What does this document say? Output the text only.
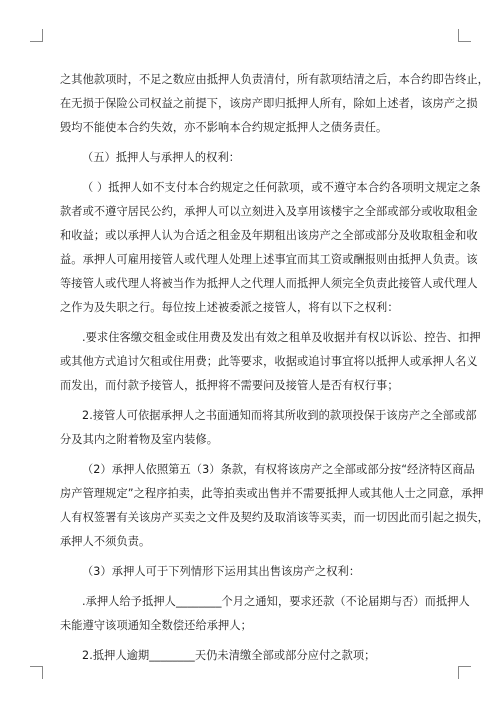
之其他款项时，不足之数应由抵押人负责清付，所有款项结清之后，本合约即告终止，
在无损于保险公司权益之前提下，该房产即归抵押人所有，除如上述者，该房产之损
毁均不能使本合约失效，亦不影响本合约规定抵押人之债务责任。
（五）抵押人与承押人的权利：
（ ）抵押人如不支付本合约规定之任何款项，或不遵守本合约各项明文规定之条
款者或不遵守居民公约，承押人可以立刻进入及享用该楼宇之全部或部分或收取租金
和收益；或以承押人认为合适之租金及年期租出该房产之全部或部分及收取租金和收
益。承押人可雇用接管人或代理人处理上述事宜而其工资或酬报则由抵押人负责。该
等接管人或代理人将被当作为抵押人之代理人而抵押人须完全负责此接管人或代理人
之作为及失职之行。每位按上述被委派之接管人，将有以下之权利：
.要求住客缴交租金或住用费及发出有效之租单及收据并有权以诉讼、控告、扣押
或其他方式追讨欠租或住用费；此等要求，收据或追讨事宜将以抵押人或承押人名义
而发出，而付款予接管人，抵押将不需要问及接管人是否有权行事；
2.接管人可依据承押人之书面通知而将其所收到的款项投保于该房产之全部或部
分及其内之附着物及室内装修。
（2）承押人依照第五（3）条款，有权将该房产之全部或部分按“经济特区商品
房产管理规定”之程序拍卖，此等拍卖或出售并不需要抵押人或其他人士之同意，承押
人有权签署有关该房产买卖之文件及契约及取消该等买卖，而一切因此而引起之损失，
承押人不须负责。
（3）承押人可于下列情形下运用其出售该房产之权利：
.承押人给予抵押人________个月之通知，要求还款（不论届期与否）而抵押人
未能遵守该项通知全数偿还给承押人；
2.抵押人逾期________天仍未清缴全部或部分应付之款项；
